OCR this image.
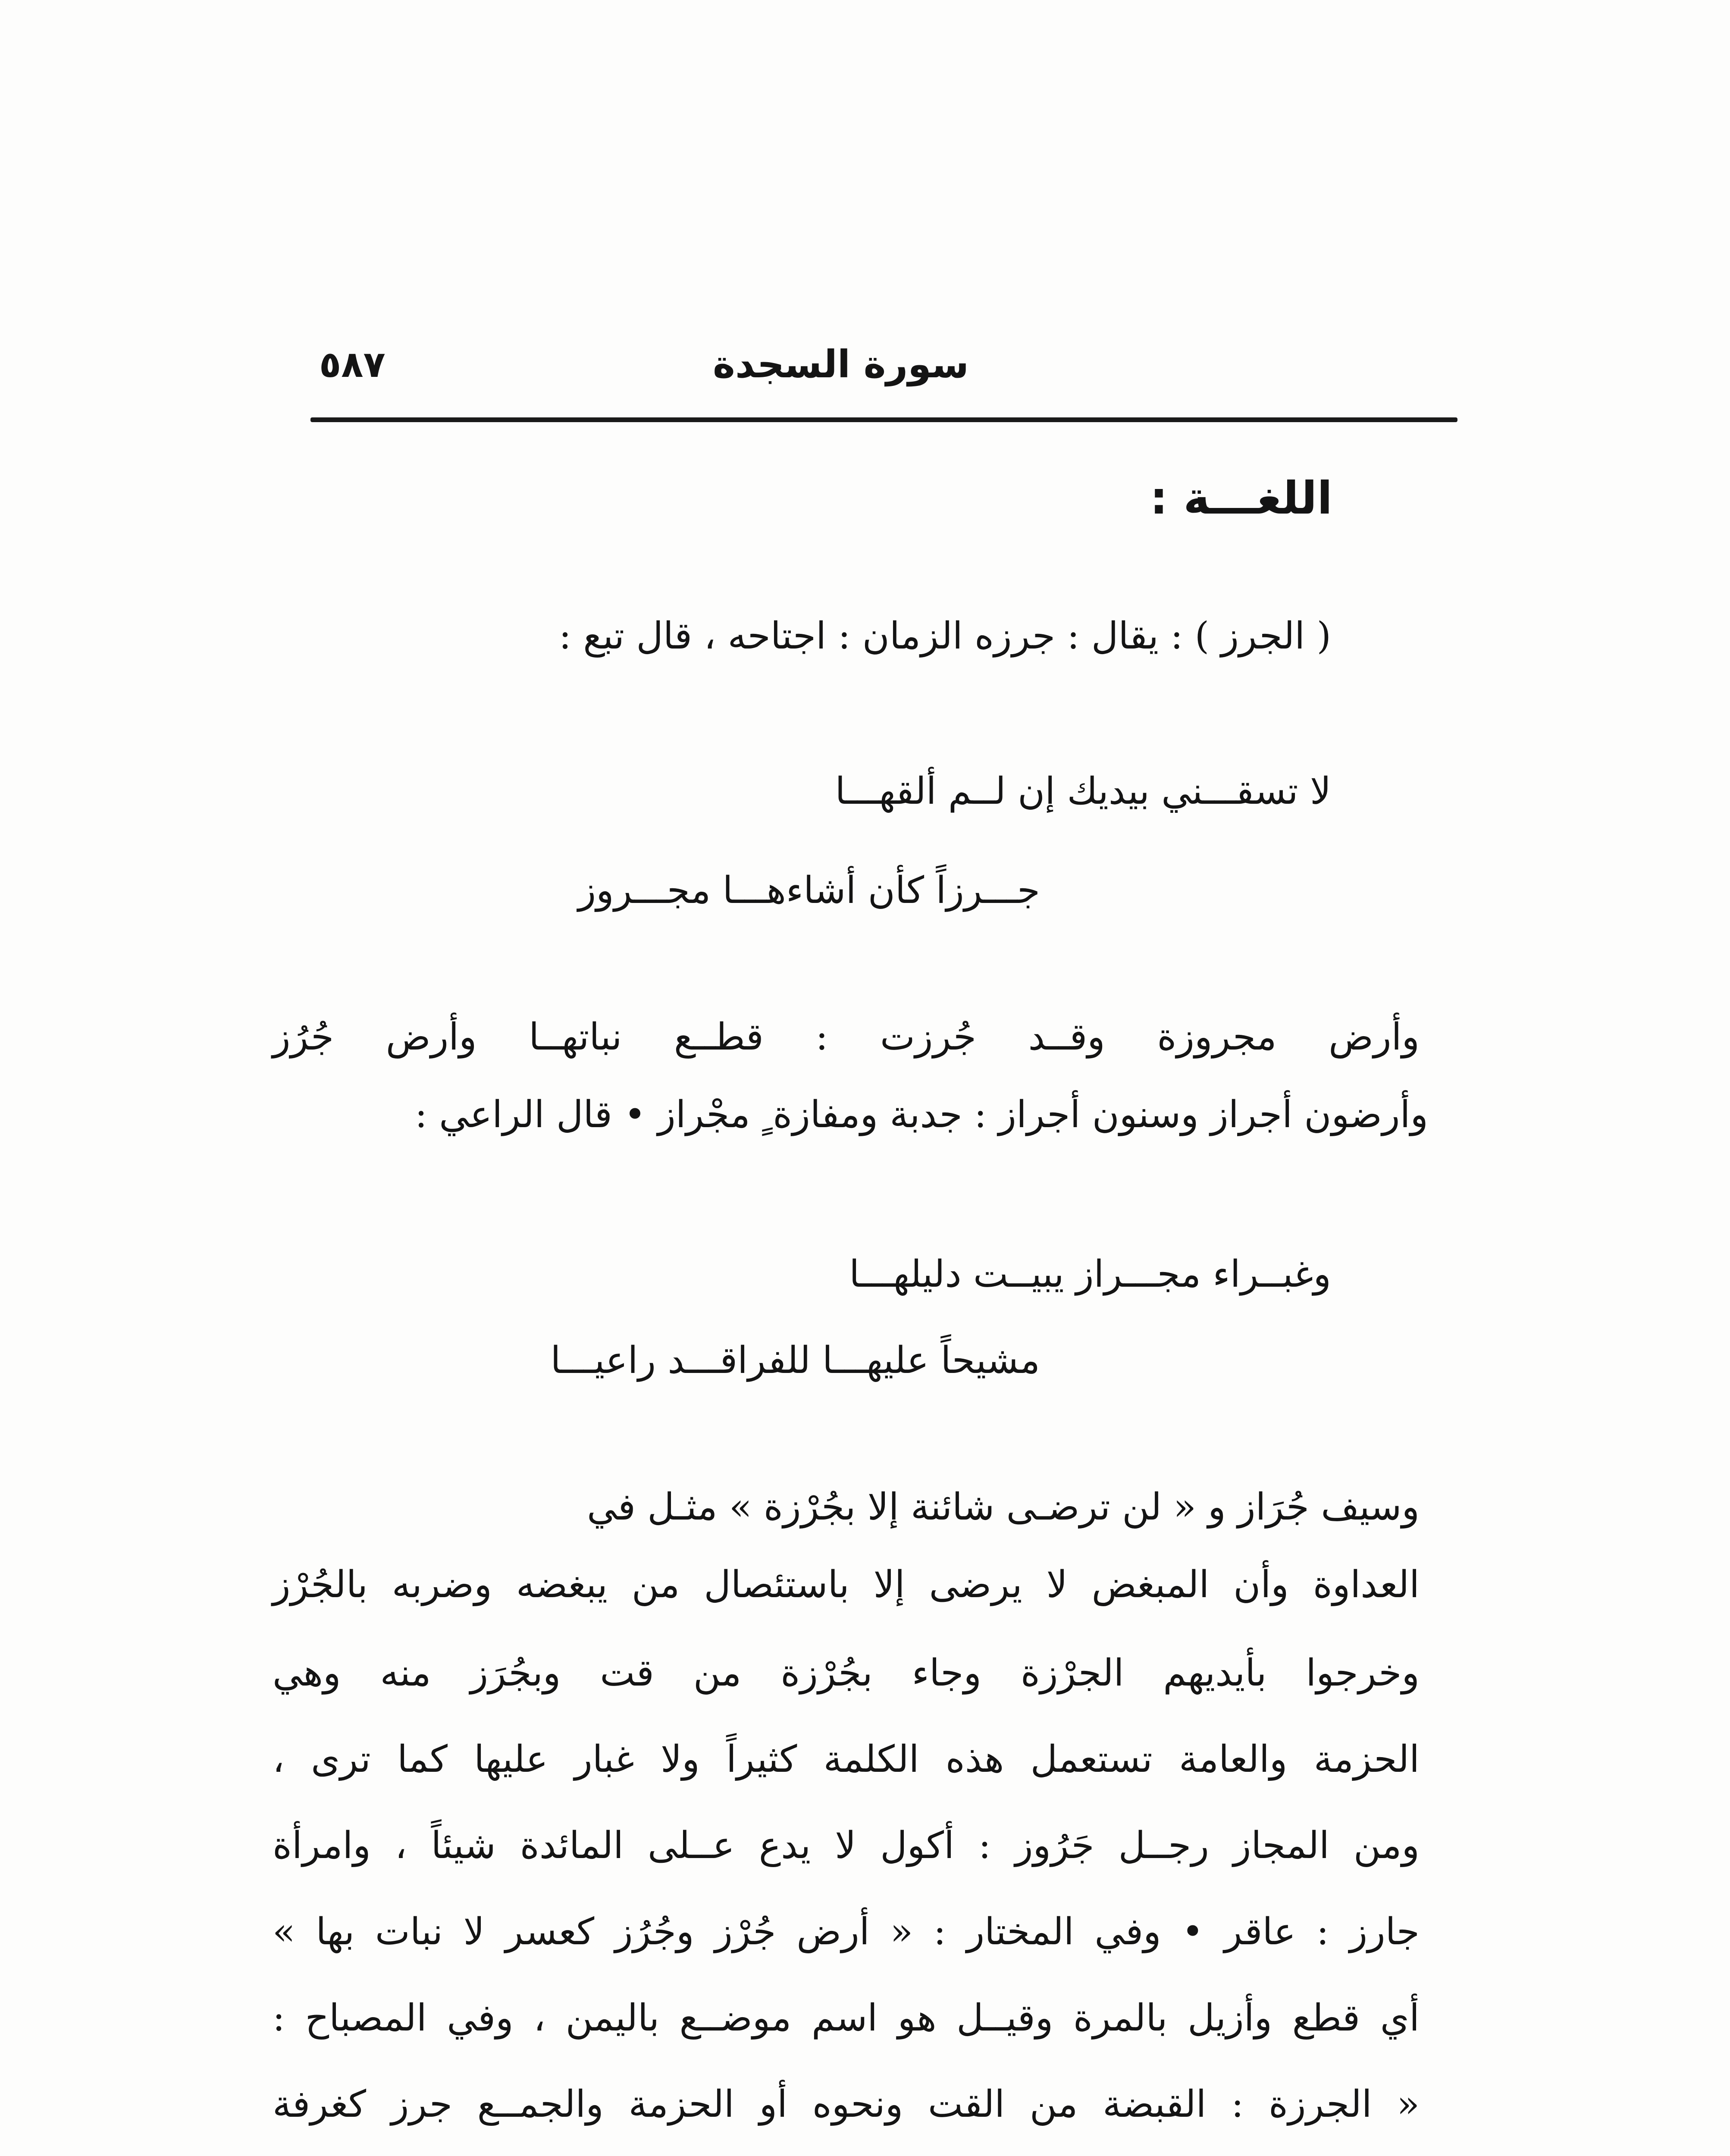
٥٨٧	سورة السجدة
اللغـــة :
( الجرز ) : يقال : جرزه الزمان : اجتاحه ، قال تبع :
لا تسقـــني بيديك إن لــم ألقهـــا
جـــرزاً كأن أشاءهـــا مجـــروز
وأرض مجروزة وقــد جُرزت : قطــع نباتهــا وأرض جُرُز
وأرضون أجراز وسنون أجراز : جدبة ومفازة ٍ مجْراز • قال الراعي :
وغبــراء مجـــراز يبيــت دليلهـــا
مشيحاً عليهـــا للفراقـــد راعيـــا
وسيف جُرَاز و « لن ترضـى شائنة إلا بجُرْزة » مثـل في
العداوة وأن المبغض لا يرضى إلا باستئصال من يبغضه وضربه بالجُرْز
وخرجوا بأيديهم الجرْزة وجاء بجُرْزة من قت وبجُرَز منه وهي
الحزمة والعامة تستعمل هذه الكلمة كثيراً ولا غبار عليها كما ترى ،
ومن المجاز رجــل جَرُوز : أكول لا يدع عــلى المائدة شيئاً ، وامرأة
جارز : عاقر • وفي المختار : « أرض جُرْز وجُرُز كعسر لا نبات بها »
أي قطع وأزيل بالمرة وقيــل هو اسم موضــع باليمن ، وفي المصباح :
« الجرزة : القبضة من القت ونحوه أو الحزمة والجمــع جرز كغرفة
